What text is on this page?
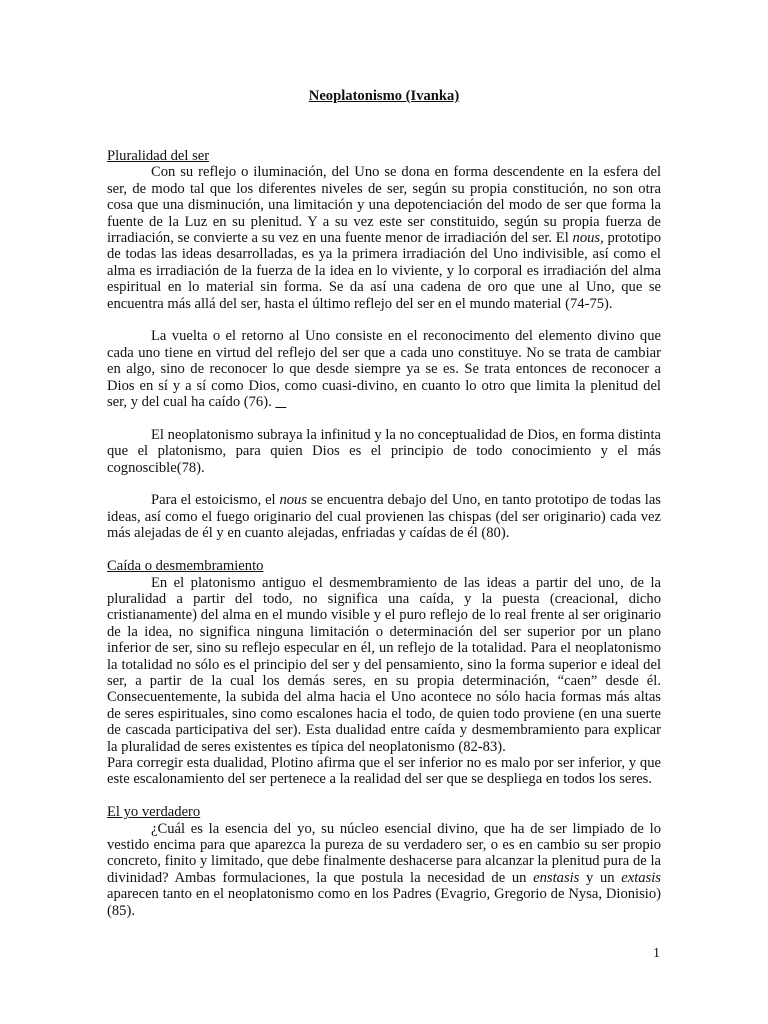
Neoplatonismo (Ivanka)
Pluralidad del ser

Con su reflejo o iluminación, del Uno se dona en forma descendente en la esfera del ser, de modo tal que los diferentes niveles de ser, según su propia constitución, no son otra cosa que una disminución, una limitación y una depotenciación del modo de ser que forma la fuente de la Luz en su plenitud. Y a su vez este ser constituido, según su propia fuerza de irradiación, se convierte a su vez en una fuente menor de irradiación del ser. El nous, prototipo de todas las ideas desarrolladas, es ya la primera irradiación del Uno indivisible, así como el alma es irradiación de la fuerza de la idea en lo viviente, y lo corporal es irradiación del alma espiritual en lo material sin forma. Se da así una cadena de oro que une al Uno, que se encuentra más allá del ser, hasta el último reflejo del ser en el mundo material (74-75).

La vuelta o el retorno al Uno consiste en el reconocimento del elemento divino que cada uno tiene en virtud del reflejo del ser que a cada uno constituye. No se trata de cambiar en algo, sino de reconocer lo que desde siempre ya se es. Se trata entonces de reconocer a Dios en sí y a sí como Dios, como cuasi-divino, en cuanto lo otro que limita la plenitud del ser, y del cual ha caído (76).

El neoplatonismo subraya la infinitud y la no conceptualidad de Dios, en forma distinta que el platonismo, para quien Dios es el principio de todo conocimiento y el más cognoscible(78).

Para el estoicismo, el nous se encuentra debajo del Uno, en tanto prototipo de todas las ideas, así como el fuego originario del cual provienen las chispas (del ser originario) cada vez más alejadas de él y en cuanto alejadas, enfriadas y caídas de él (80).

Caída o desmembramiento

En el platonismo antiguo el desmembramiento de las ideas a partir del uno, de la pluralidad a partir del todo, no significa una caída, y la puesta (creacional, dicho cristianamente) del alma en el mundo visible y el puro reflejo de lo real frente al ser originario de la idea, no significa ninguna limitación o determinación del ser superior por un plano inferior de ser, sino su reflejo especular en él, un reflejo de la totalidad. Para el neoplatonismo la totalidad no sólo es el principio del ser y del pensamiento, sino la forma superior e ideal del ser, a partir de la cual los demás seres, en su propia determinación, “caen” desde él. Consecuentemente, la subida del alma hacia el Uno acontece no sólo hacia formas más altas de seres espirituales, sino como escalones hacia el todo, de quien todo proviene (en una suerte de cascada participativa del ser). Esta dualidad entre caída y desmembramiento para explicar la pluralidad de seres existentes es típica del neoplatonismo (82-83).

Para corregir esta dualidad, Plotino afirma que el ser inferior no es malo por ser inferior, y que este escalonamiento del ser pertenece a la realidad del ser que se despliega en todos los seres.

El yo verdadero

¿Cuál es la esencia del yo, su núcleo esencial divino, que ha de ser limpiado de lo vestido encima para que aparezca la pureza de su verdadero ser, o es en cambio su ser propio concreto, finito y limitado, que debe finalmente deshacerse para alcanzar la plenitud pura de la divinidad? Ambas formulaciones, la que postula la necesidad de un enstasis y un extasis aparecen tanto en el neoplatonismo como en los Padres (Evagrio, Gregorio de Nysa, Dionisio)(85).

1
